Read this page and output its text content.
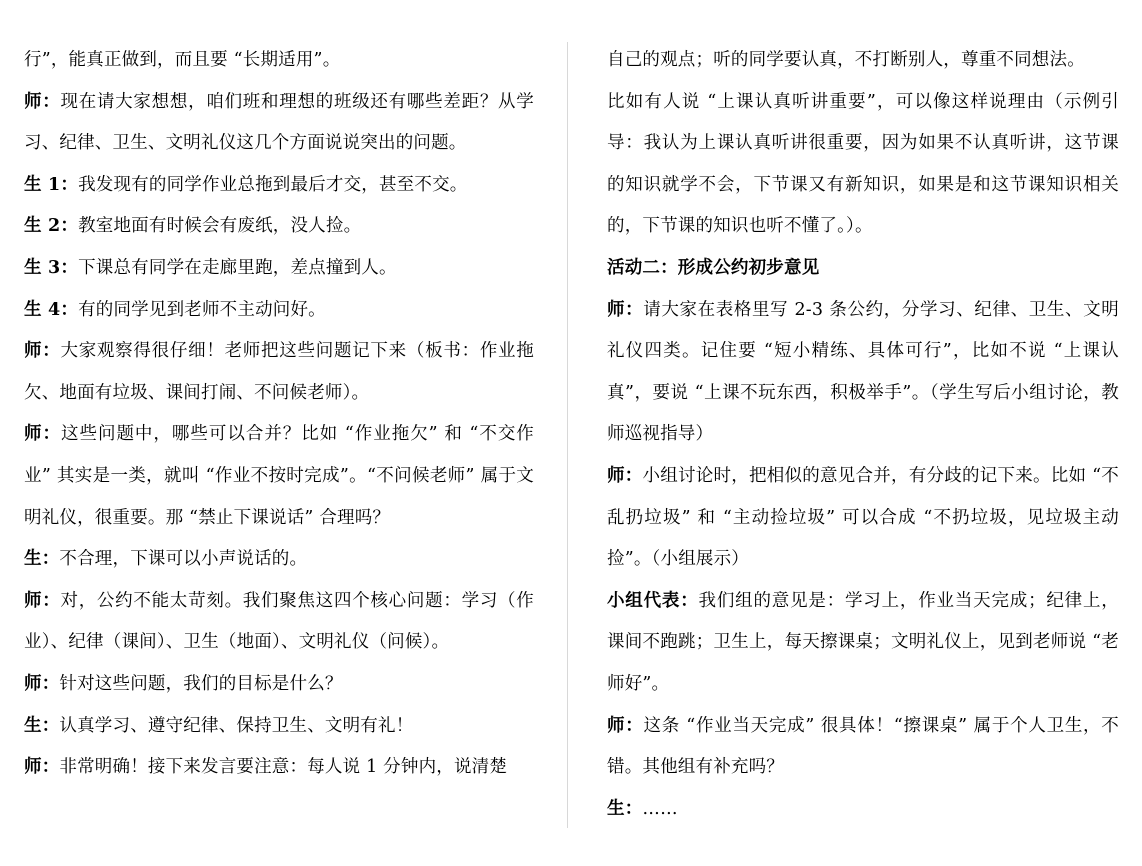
行”，能真正做到，而且要 “长期适用”。

师：现在请大家想想，咱们班和理想的班级还有哪些差距？从学习、纪律、卫生、文明礼仪这几个方面说说突出的问题。

生 1：我发现有的同学作业总拖到最后才交，甚至不交。

生 2：教室地面有时候会有废纸，没人捡。

生 3：下课总有同学在走廊里跑，差点撞到人。

生 4：有的同学见到老师不主动问好。

师：大家观察得很仔细！老师把这些问题记下来（板书：作业拖欠、地面有垃圾、课间打闹、不问候老师）。

师：这些问题中，哪些可以合并？比如 “作业拖欠” 和 “不交作业” 其实是一类，就叫 “作业不按时完成”。“不问候老师” 属于文明礼仪，很重要。那 “禁止下课说话” 合理吗？

生：不合理，下课可以小声说话的。

师：对，公约不能太苛刻。我们聚焦这四个核心问题：学习（作业）、纪律（课间）、卫生（地面）、文明礼仪（问候）。

师：针对这些问题，我们的目标是什么？

生：认真学习、遵守纪律、保持卫生、文明有礼！

师：非常明确！接下来发言要注意：每人说 1 分钟内，说清楚

自己的观点；听的同学要认真，不打断别人，尊重不同想法。

比如有人说 “上课认真听讲重要”，可以像这样说理由（示例引导：我认为上课认真听讲很重要，因为如果不认真听讲，这节课的知识就学不会，下节课又有新知识，如果是和这节课知识相关的，下节课的知识也听不懂了。）。

活动二：形成公约初步意见

师：请大家在表格里写 2-3 条公约，分学习、纪律、卫生、文明礼仪四类。记住要 “短小精练、具体可行”，比如不说 “上课认真”，要说 “上课不玩东西，积极举手”。（学生写后小组讨论，教师巡视指导）

师：小组讨论时，把相似的意见合并，有分歧的记下来。比如 “不乱扔垃圾” 和 “主动捡垃圾” 可以合成 “不扔垃圾，见垃圾主动捡”。（小组展示）

小组代表：我们组的意见是：学习上，作业当天完成；纪律上，课间不跑跳；卫生上，每天擦课桌；文明礼仪上，见到老师说 “老师好”。

师：这条 “作业当天完成” 很具体！“擦课桌” 属于个人卫生，不错。其他组有补充吗？

生：……
